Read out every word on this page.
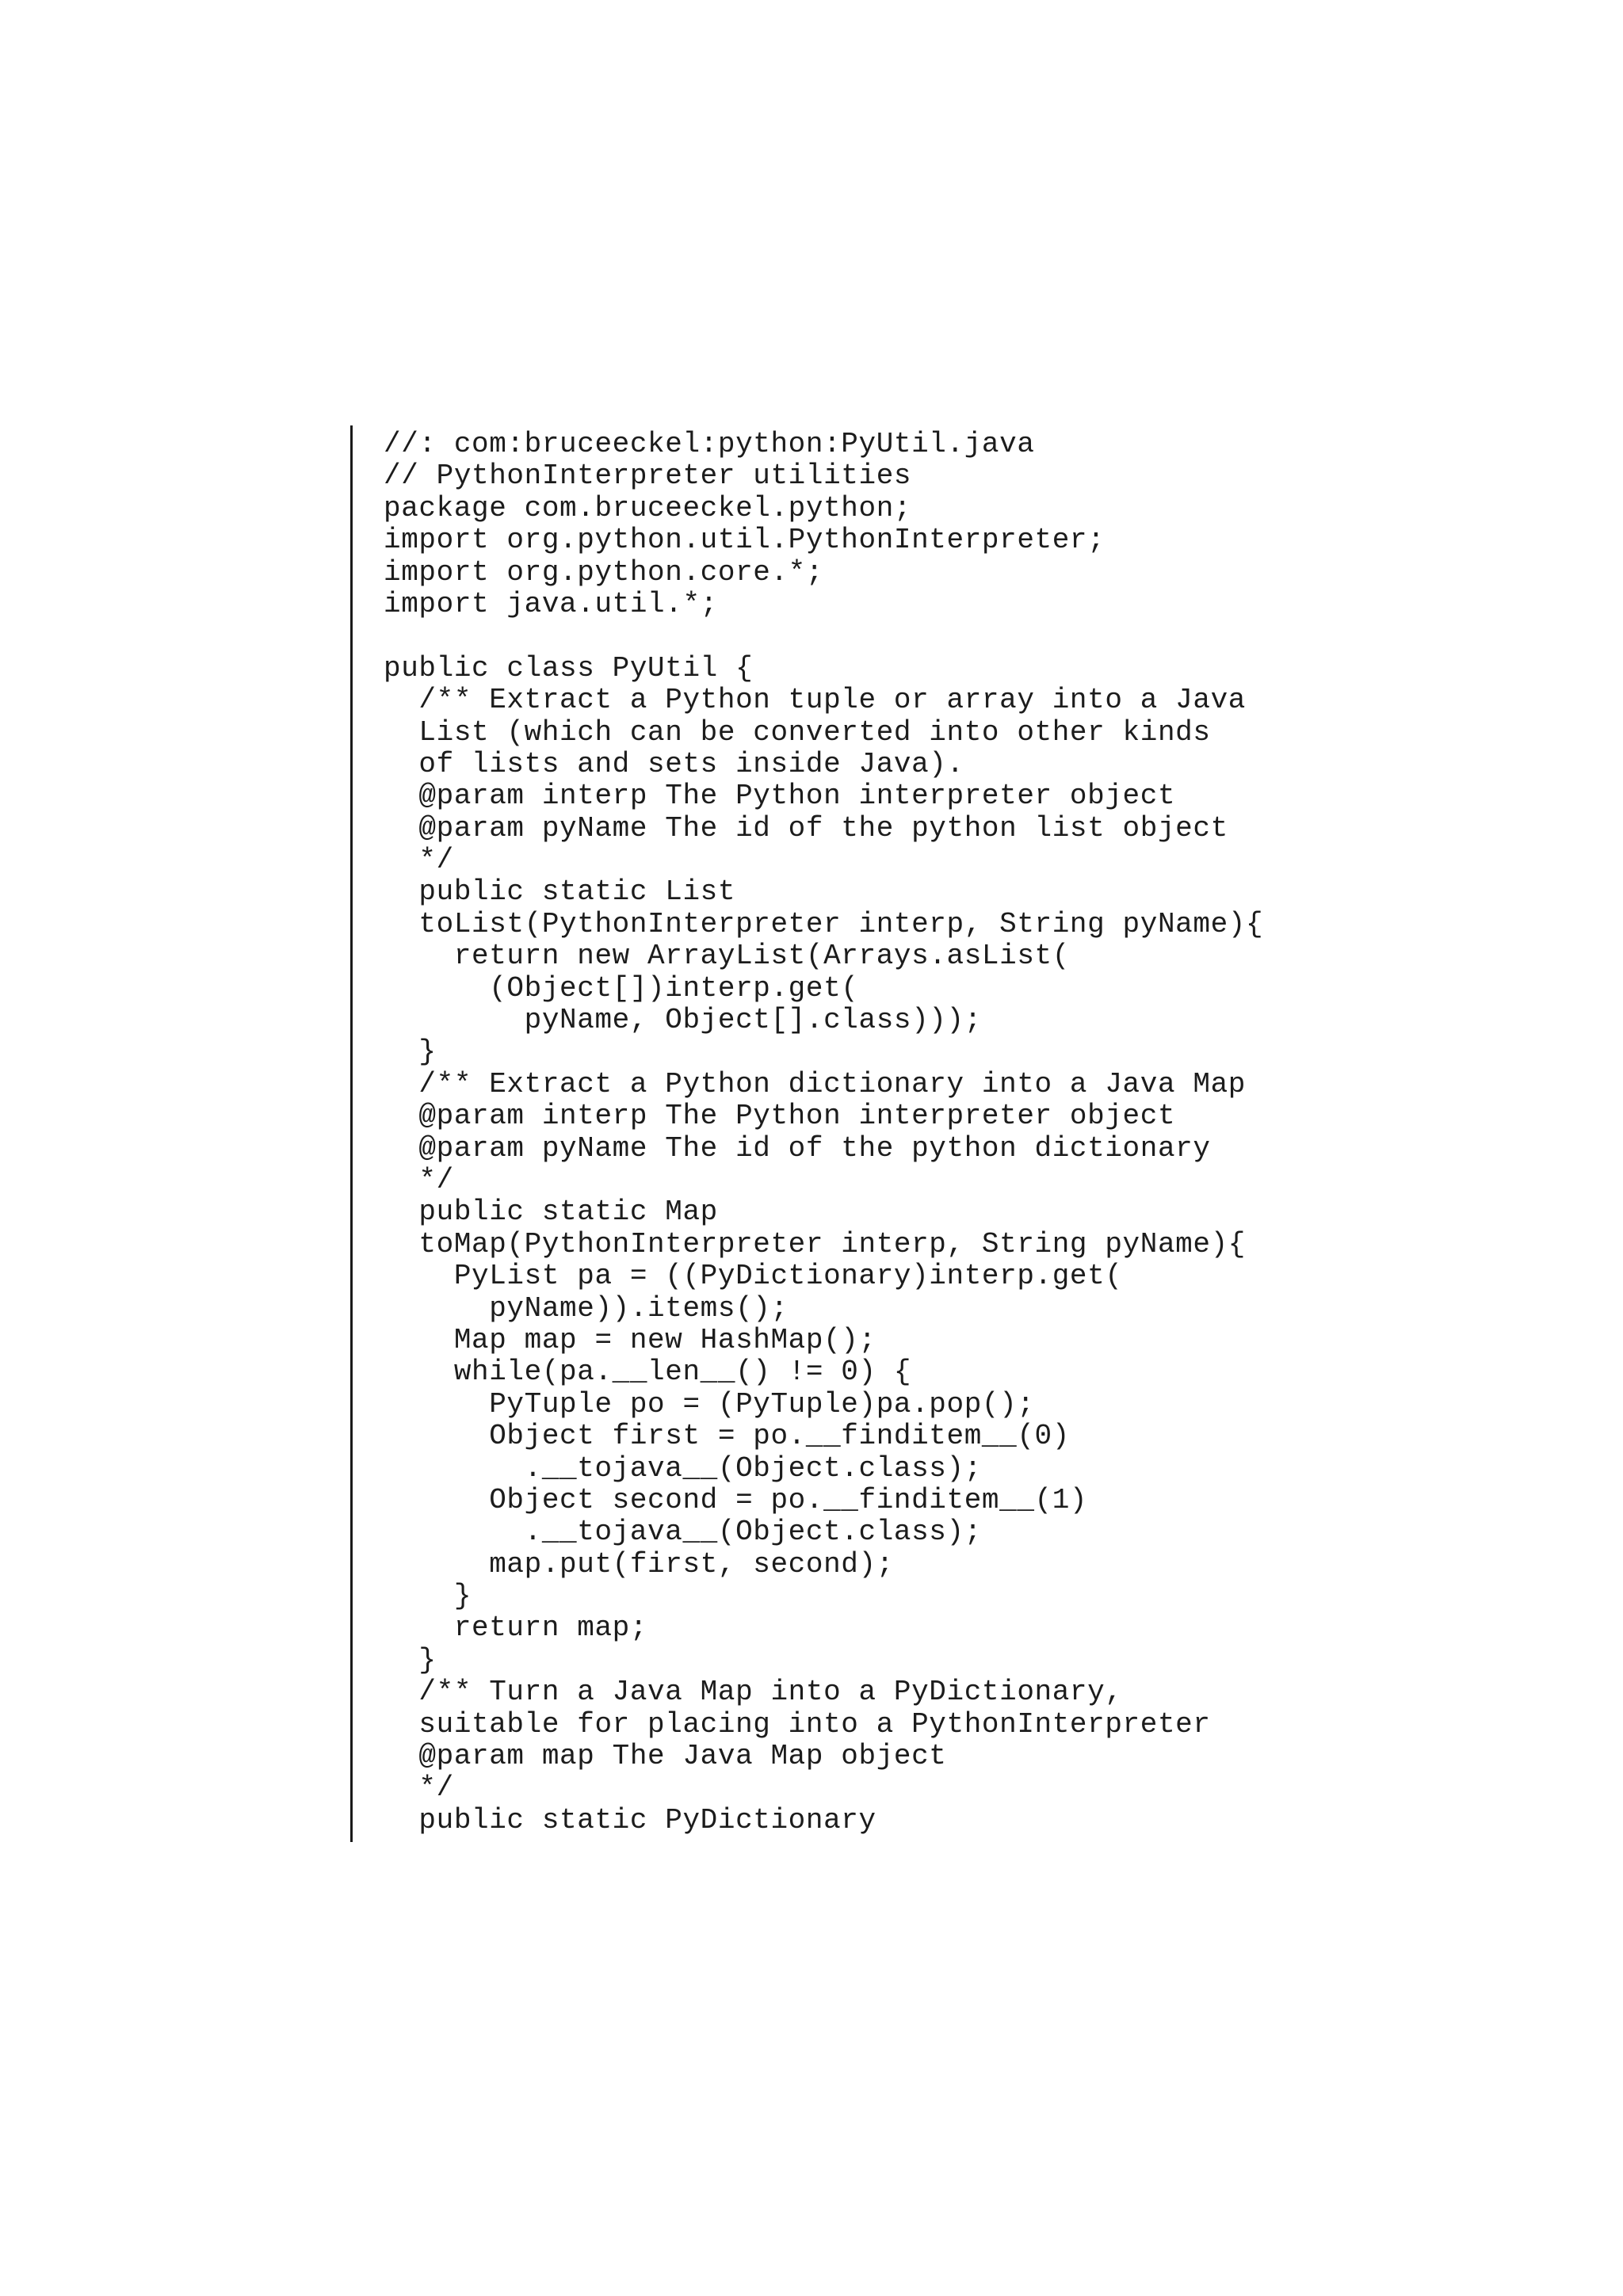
//: com:bruceeckel:python:PyUtil.java
// PythonInterpreter utilities
package com.bruceeckel.python;
import org.python.util.PythonInterpreter;
import org.python.core.*;
import java.util.*;
public class PyUtil {
/** Extract a Python tuple or array into a Java
List (which can be converted into other kinds
of lists and sets inside Java).
@param interp The Python interpreter object
@param pyName The id of the python list object
*/
public static List
toList(PythonInterpreter interp, String pyName){
return new ArrayList(Arrays.asList(
(Object[])interp.get(
pyName, Object[].class)));
}
/** Extract a Python dictionary into a Java Map
@param interp The Python interpreter object
@param pyName The id of the python dictionary
*/
public static Map
toMap(PythonInterpreter interp, String pyName){
PyList pa = ((PyDictionary)interp.get(
pyName)).items();
Map map = new HashMap();
while(pa.__len__() != 0) {
PyTuple po = (PyTuple)pa.pop();
Object first = po.__finditem__(0)
.__tojava__(Object.class);
Object second = po.__finditem__(1)
.__tojava__(Object.class);
map.put(first, second);
}
return map;
}
/** Turn a Java Map into a PyDictionary,
suitable for placing into a PythonInterpreter
@param map The Java Map object
*/
public static PyDictionary
